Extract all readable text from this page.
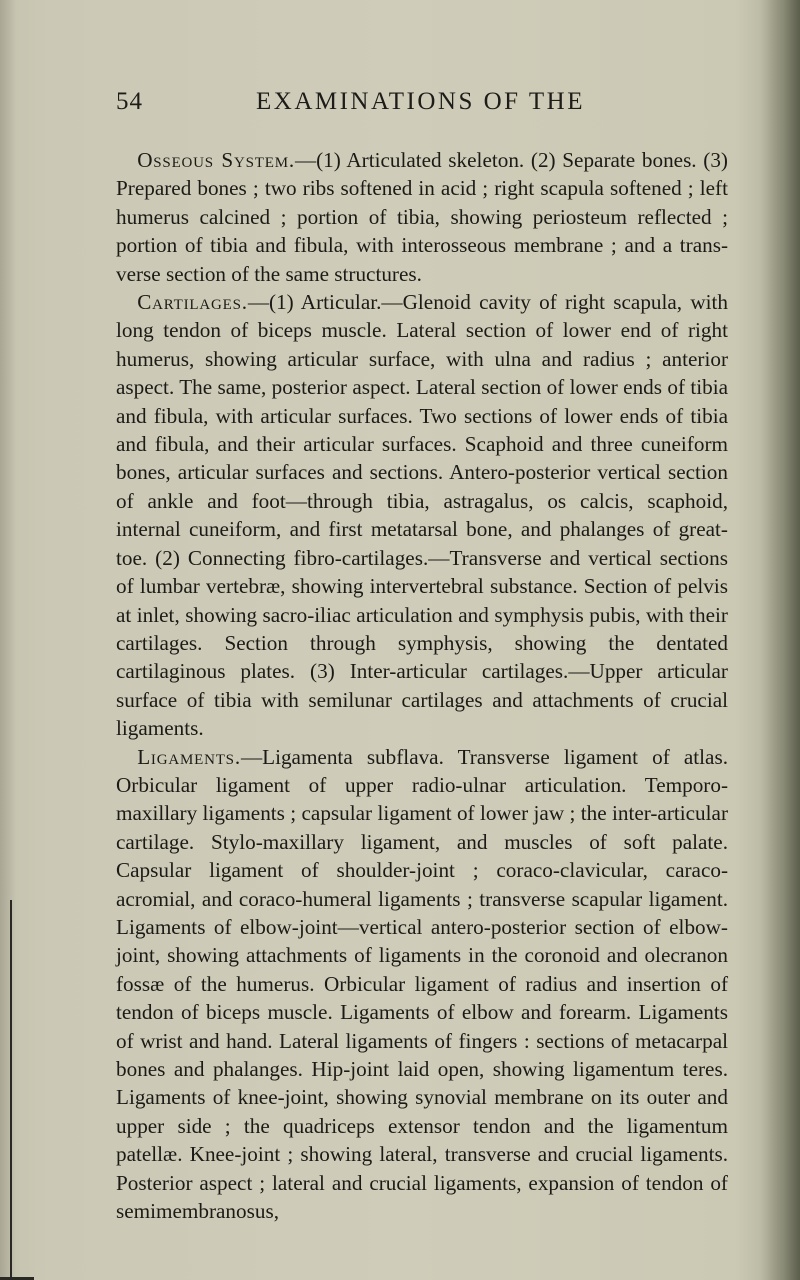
54	EXAMINATIONS OF THE

 Osseous System.—(1) Articulated skeleton. (2) Separate bones. (3) Prepared bones ; two ribs softened in acid ; right scapula softened ; left humerus calcined ; portion of tibia, showing periosteum reflected ; portion of tibia and fibula, with interosseous membrane ; and a transverse section of the same structures.

 Cartilages.—(1) Articular.—Glenoid cavity of right scapula, with long tendon of biceps muscle. Lateral section of lower end of right humerus, showing articular surface, with ulna and radius ; anterior aspect. The same, posterior aspect. Lateral section of lower ends of tibia and fibula, with articular surfaces. Two sections of lower ends of tibia and fibula, and their articular surfaces. Scaphoid and three cuneiform bones, articular surfaces and sections. Antero-posterior vertical section of ankle and foot—through tibia, astragalus, os calcis, scaphoid, internal cuneiform, and first metatarsal bone, and phalanges of great-toe. (2) Connecting fibro-cartilages.—Transverse and vertical sections of lumbar vertebræ, showing intervertebral substance. Section of pelvis at inlet, showing sacro-iliac articulation and symphysis pubis, with their cartilages. Section through symphysis, showing the dentated cartilaginous plates. (3) Inter-articular cartilages.—Upper articular surface of tibia with semilunar cartilages and attachments of crucial ligaments.

 Ligaments.—Ligamenta subflava. Transverse ligament of atlas. Orbicular ligament of upper radio-ulnar articulation. Temporo-maxillary ligaments ; capsular ligament of lower jaw ; the inter-articular cartilage. Stylo-maxillary ligament, and muscles of soft palate. Capsular ligament of shoulder-joint ; coraco-clavicular, caraco-acromial, and coraco-humeral ligaments ; transverse scapular ligament. Ligaments of elbow-joint—vertical antero-posterior section of elbow-joint, showing attachments of ligaments in the coronoid and olecranon fossæ of the humerus. Orbicular ligament of radius and insertion of tendon of biceps muscle. Ligaments of elbow and forearm. Ligaments of wrist and hand. Lateral ligaments of fingers : sections of metacarpal bones and phalanges. Hip-joint laid open, showing ligamentum teres. Ligaments of knee-joint, showing synovial membrane on its outer and upper side ; the quadriceps extensor tendon and the ligamentum patellæ. Knee-joint ; showing lateral, transverse and crucial ligaments. Posterior aspect ; lateral and crucial ligaments, expansion of tendon of semimembranosus,
